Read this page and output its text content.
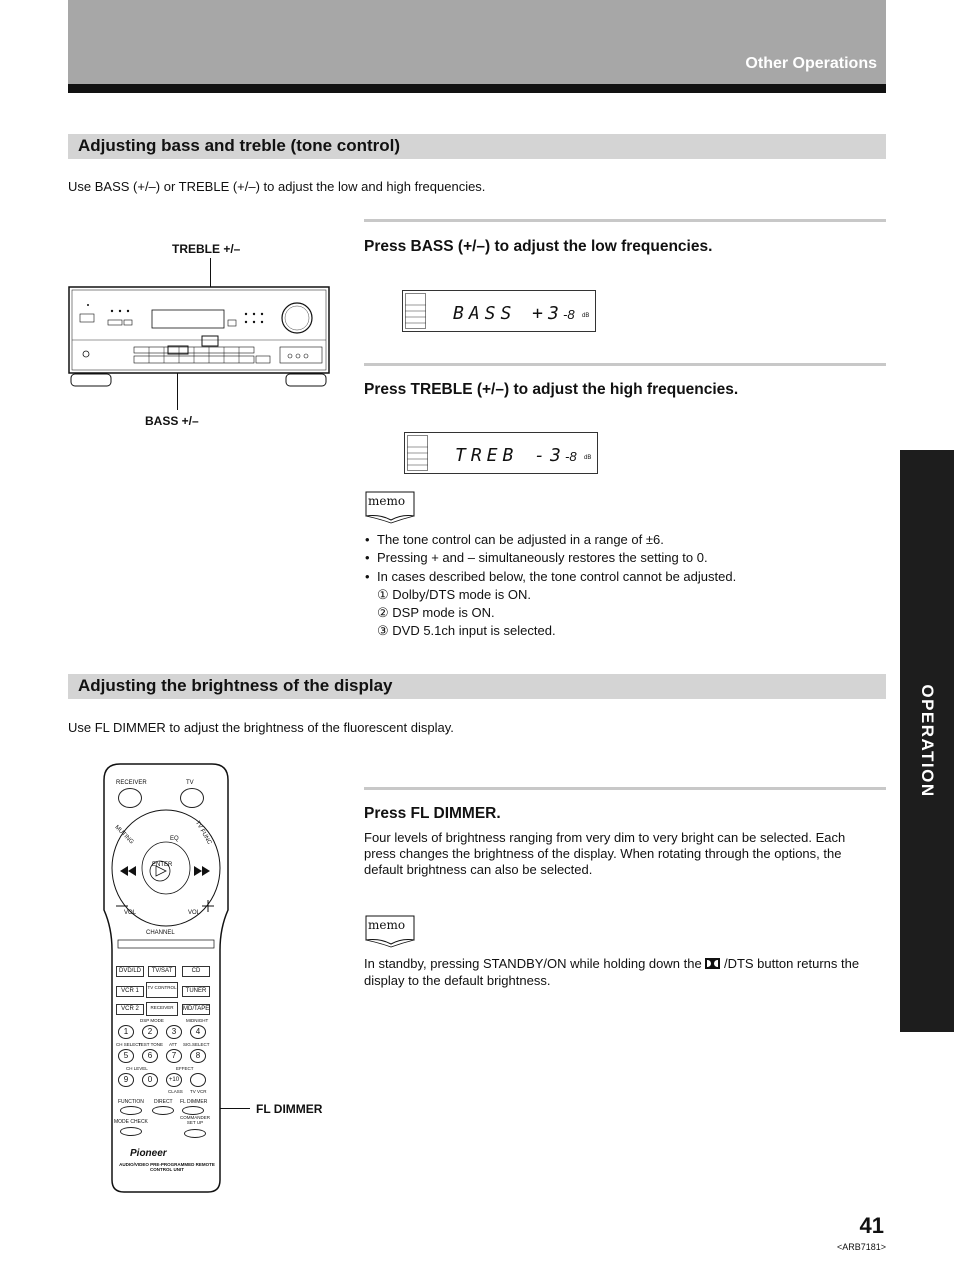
Other Operations
OPERATION
Adjusting bass and treble (tone control)
Use BASS (+/–) or TREBLE (+/–) to adjust the low and high frequencies.
TREBLE +/–
BASS +/–
Press BASS (+/–) to adjust the low frequencies.
BASS +3 -8 dB
Press TREBLE (+/–) to adjust the high frequencies.
TREB -3 -8 dB
memo
• The tone control can be adjusted in a range of ±6.
• Pressing + and – simultaneously restores the setting to 0.
• In cases described below, the tone control cannot be adjusted.
① Dolby/DTS mode is ON.
② DSP mode is ON.
③ DVD 5.1ch input is selected.
Adjusting the brightness of the display
Use FL DIMMER to adjust the brightness of the fluorescent display.
Press FL DIMMER.
Four levels of brightness ranging from very dim to very bright can be selected. Each press changes the brightness of the display. When rotating through the options, the default brightness can also be selected.
memo
In standby, pressing STANDBY/ON while holding down the /DTS button returns the display to the default brightness.
FL DIMMER
RECEIVER	TV
MUTING	TV FUNC
ENTER
EQ
VOL	VOL
CHANNEL
DVD/LD	TV/SAT	CD
VCR 1
TV CONTROL
TUNER
VCR 2	RECEIVER	MD/TAPE
DSP MODE	MIDNIGHT
1	2	3	4
CH SELECT
TEST TONE ATT SIG.SELECT
5	6	7	8
CH LEVEL	EFFECT
9	0	+10
CLASS TV VCR
FUNCTION DIRECT FL DIMMER
MODE CHECK
COMMANDER SET UP
Pioneer
AUDIO/VIDEO PRE-PROGRAMMED REMOTE CONTROL UNIT
41
<ARB7181>
